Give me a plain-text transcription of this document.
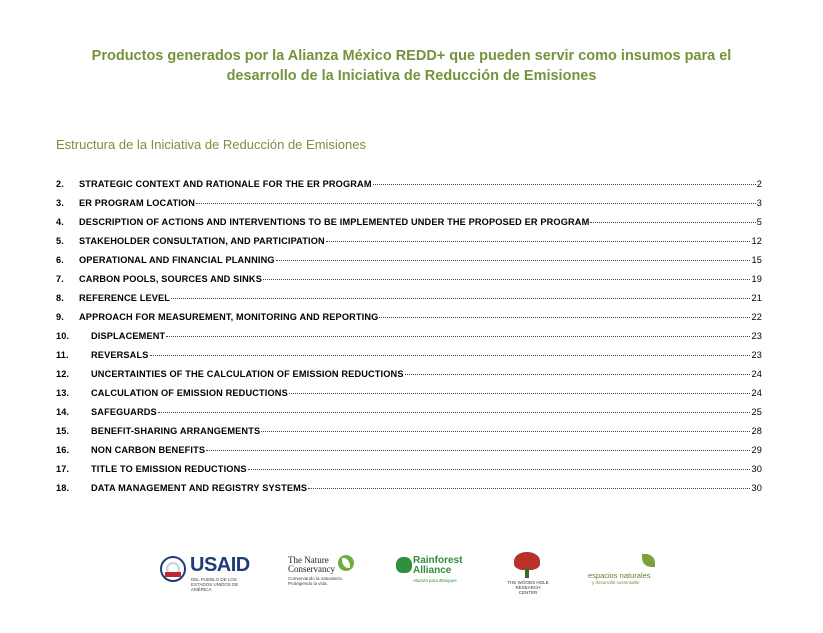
Productos generados por la Alianza México REDD+ que pueden servir como insumos para el
desarrollo de la Iniciativa de Reducción de Emisiones
Estructura de la Iniciativa de Reducción de Emisiones
2.	STRATEGIC CONTEXT AND RATIONALE FOR THE ER PROGRAM	2
3.	ER PROGRAM LOCATION	3
4.	DESCRIPTION OF ACTIONS AND INTERVENTIONS TO BE IMPLEMENTED UNDER THE PROPOSED ER PROGRAM	5
5.	STAKEHOLDER CONSULTATION, AND PARTICIPATION	12
6.	OPERATIONAL AND FINANCIAL PLANNING	15
7.	CARBON POOLS, SOURCES AND SINKS	19
8.	REFERENCE LEVEL	21
9.	APPROACH FOR MEASUREMENT, MONITORING AND REPORTING	22
10.	DISPLACEMENT	23
11.	REVERSALS	23
12.	UNCERTAINTIES OF THE CALCULATION OF EMISSION REDUCTIONS	24
13.	CALCULATION OF EMISSION REDUCTIONS	24
14.	SAFEGUARDS	25
15.	BENEFIT-SHARING ARRANGEMENTS	28
16.	NON CARBON BENEFITS	29
17.	TITLE TO EMISSION REDUCTIONS	30
18.	DATA MANAGEMENT AND REGISTRY SYSTEMS	30
USAID
DEL PUEBLO DE LOS ESTADOS UNIDOS DE AMÉRICA
The Nature
Conservancy
Conservando la naturaleza. Protegiendo la vida.
Rainforest
Alliance
Alianza para Bosques	THE WOODS HOLE RESEARCH CENTER
espacios naturales
y desarrollo sustentable
